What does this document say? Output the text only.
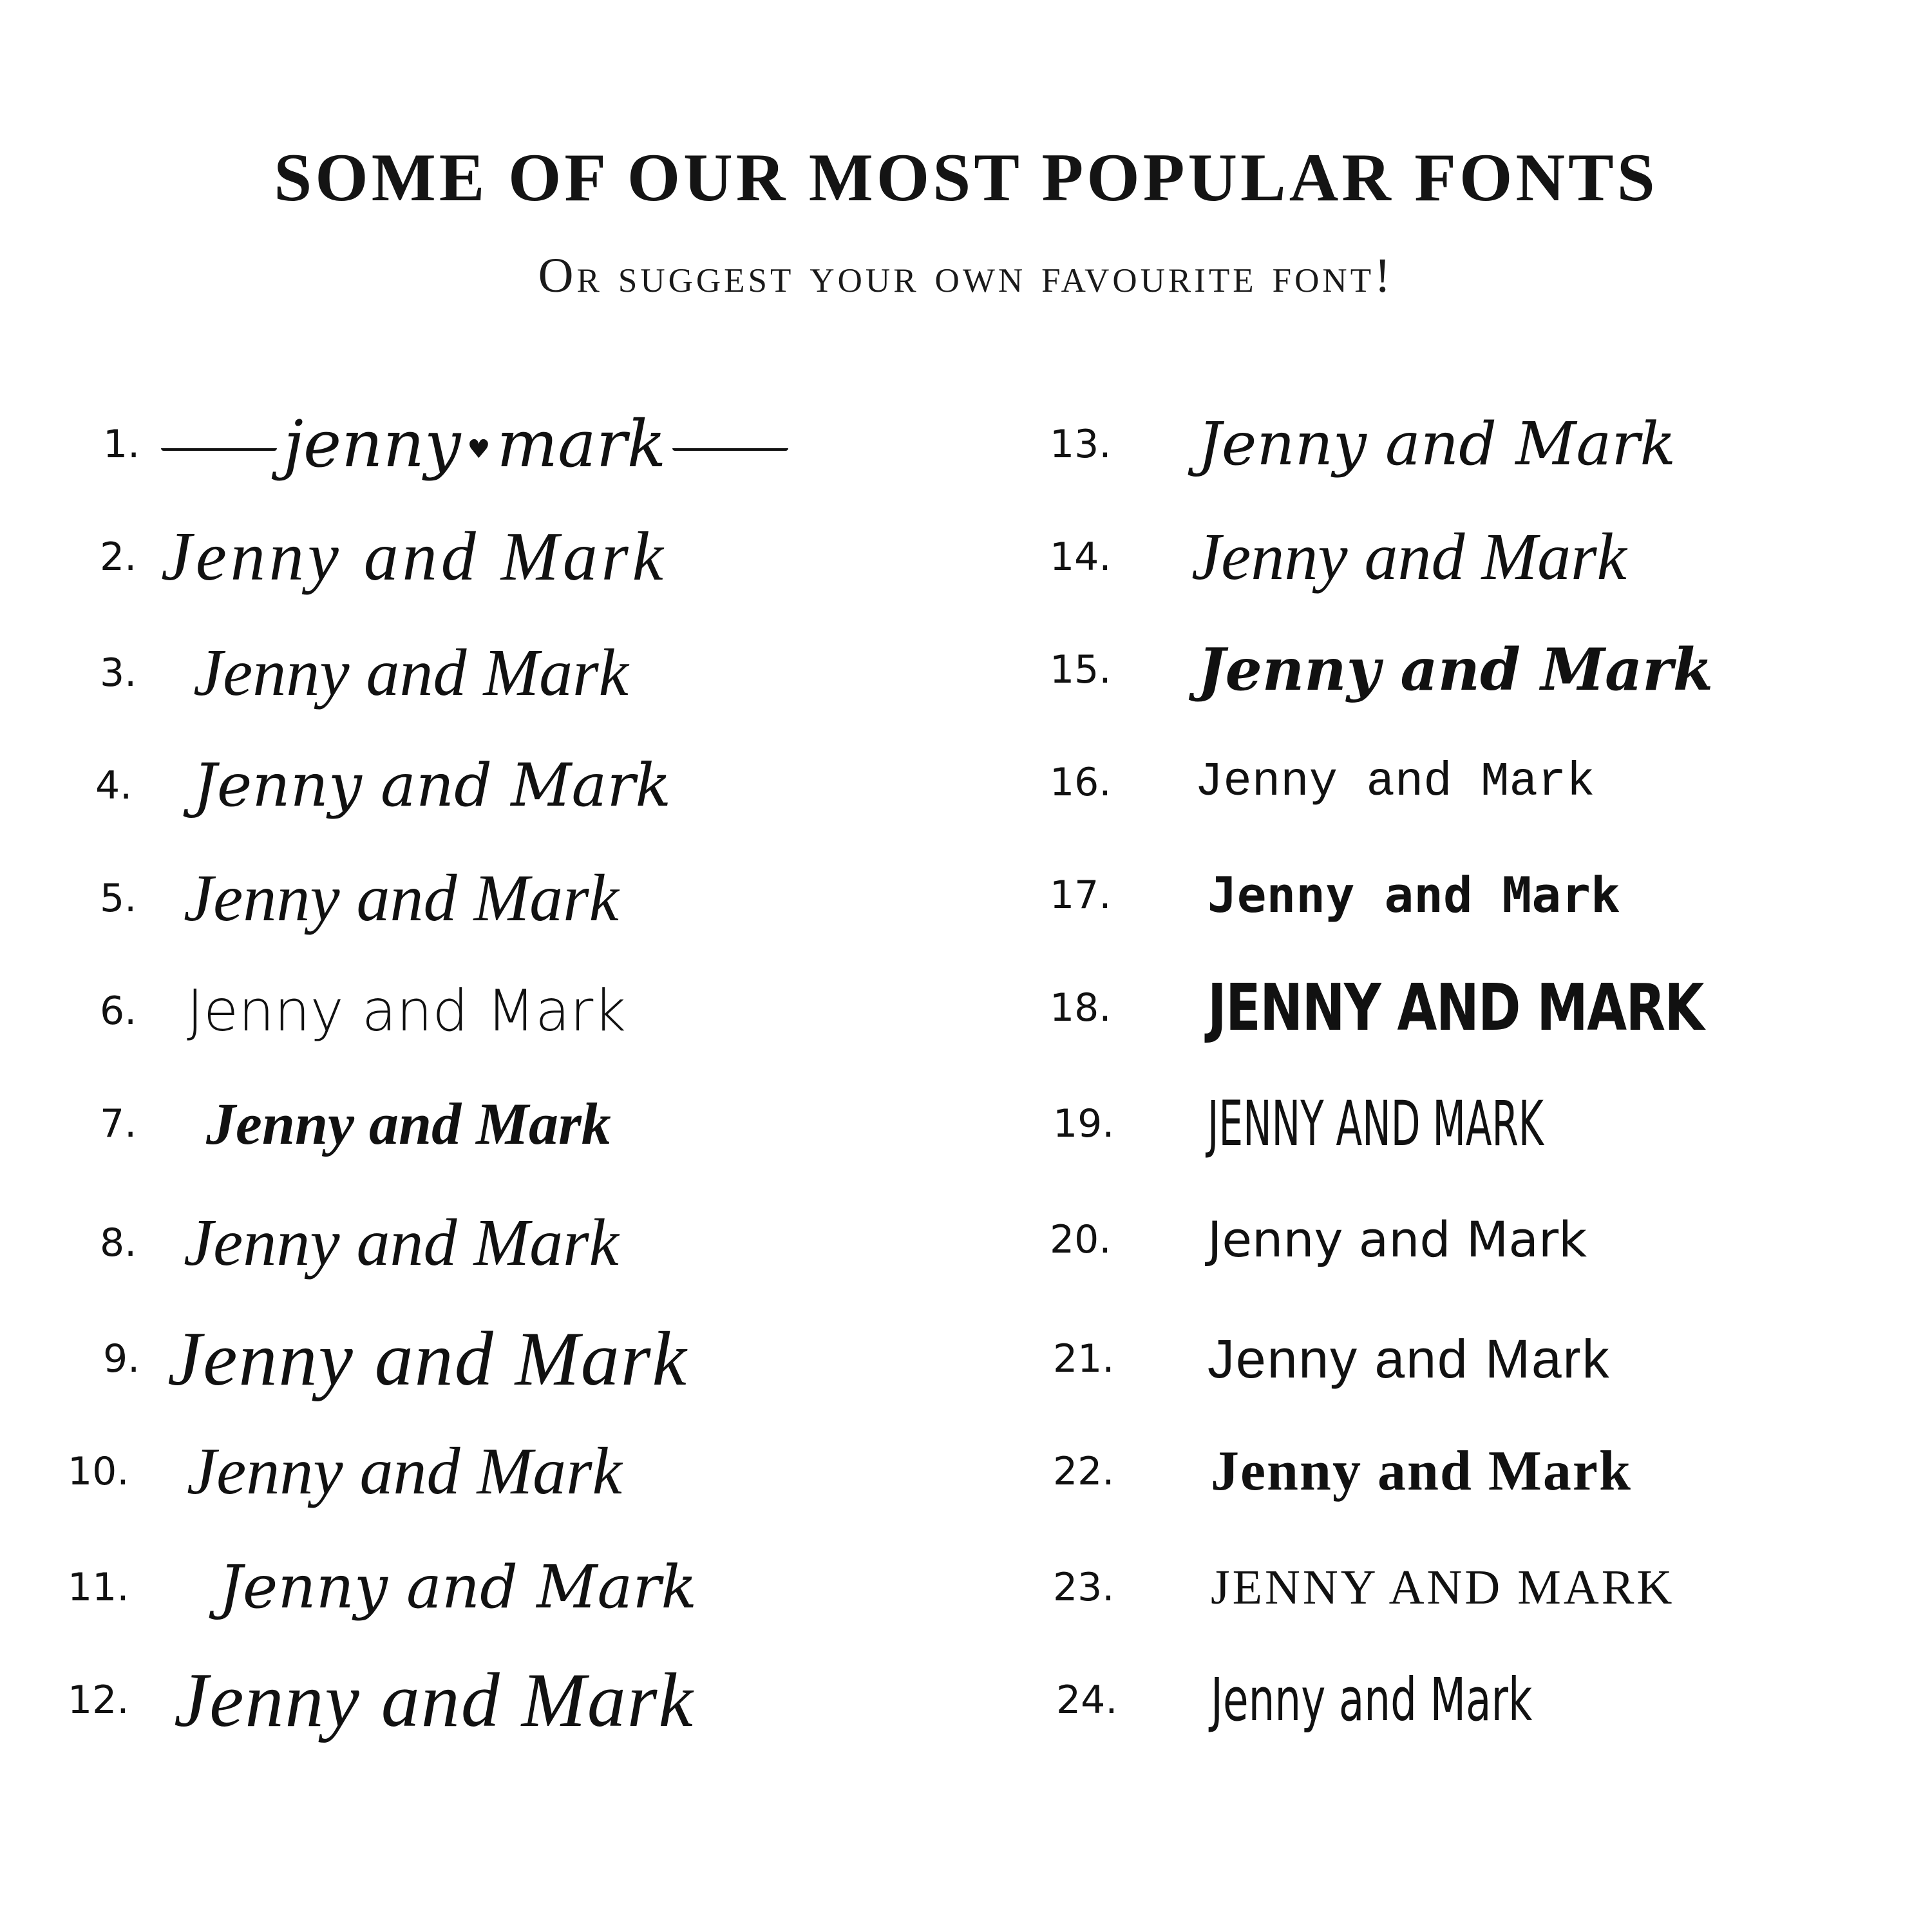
SOME OF OUR MOST POPULAR FONTS
Or suggest your own favourite font!
1.	jenny ♥ mark
2. Jenny and Mark
3. Jenny and Mark
4. Jenny and Mark
5. Jenny and Mark
6. Jenny and Mark
7. Jenny and Mark
8. Jenny and Mark
9. Jenny and Mark
10. Jenny and Mark
11. Jenny and Mark
12. Jenny and Mark
13. Jenny and Mark
14. Jenny and Mark
15. Jenny and Mark
16. Jenny and Mark
17. Jenny and Mark
18. JENNY AND MARK
19. JENNY AND MARK
20. Jenny and Mark
21. Jenny and Mark
22. Jenny and Mark
23. JENNY AND MARK
24. Jenny and Mark
